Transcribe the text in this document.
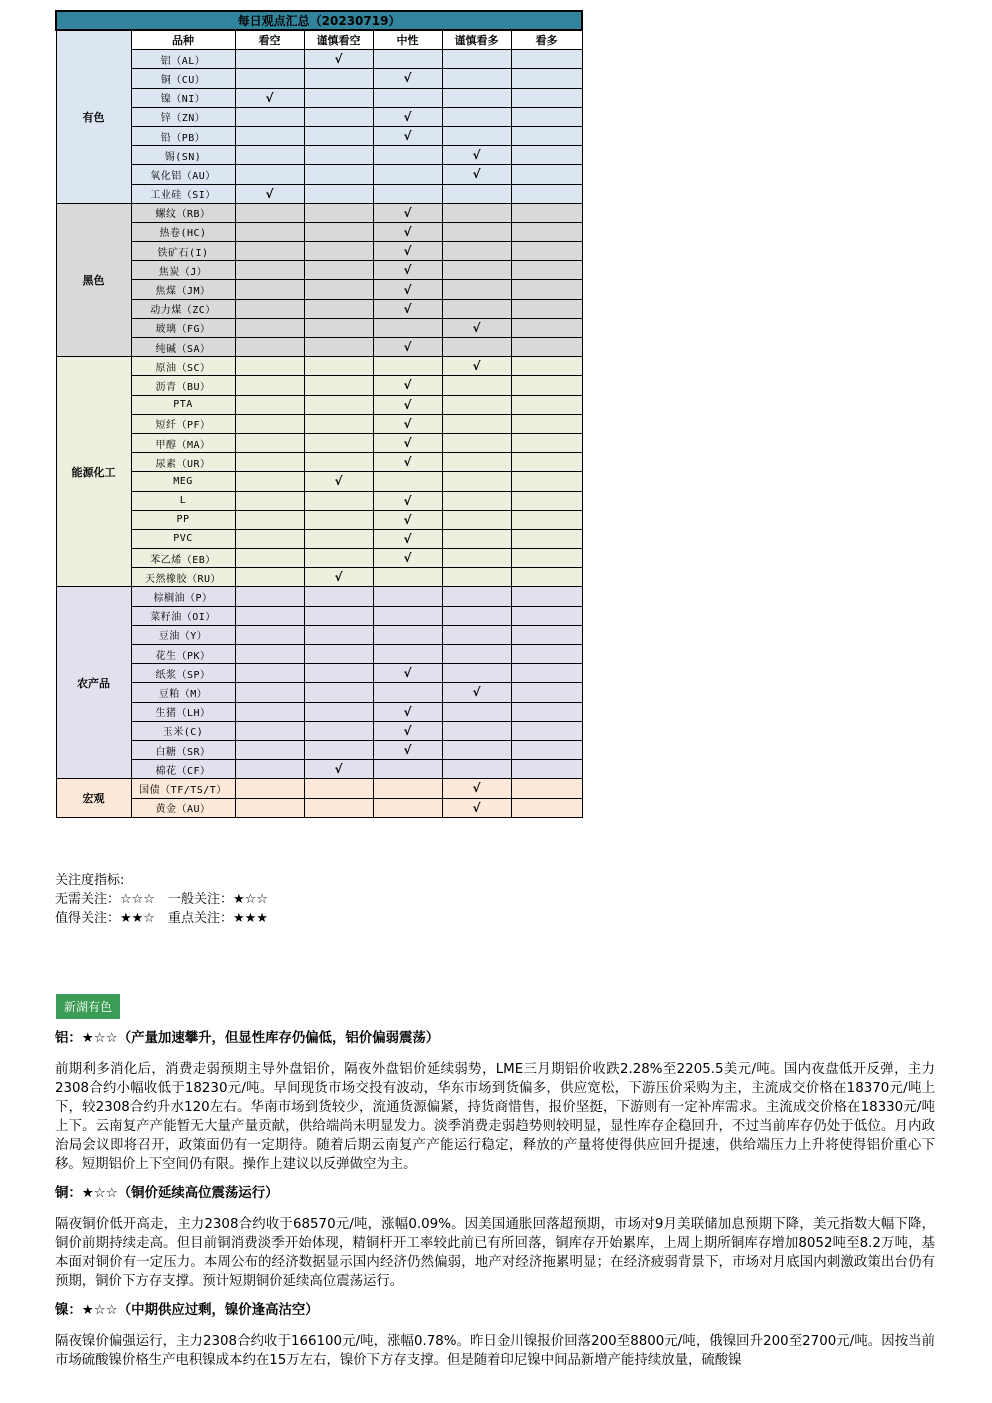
每日观点汇总（20230719）						
有色	品种	看空	谨慎看空	中性	谨慎看多	看多
	铝（AL）		√			
	铜（CU）			√		
	镍（NI）	√				
	锌（ZN）			√		
	铅（PB）			√		
	锡(SN)				√	
	氧化铝（AU）				√	
	工业硅（SI）	√				
黑色	螺纹（RB）			√		
	热卷(HC)			√		
	铁矿石(I)			√		
	焦炭（J）			√		
	焦煤（JM）			√		
	动力煤（ZC）			√		
	玻璃（FG）				√	
	纯碱（SA）			√		
能源化工	原油（SC）				√	
	沥青（BU）			√		
	PTA			√		
	短纤（PF）			√		
	甲醇（MA）			√		
	尿素（UR）			√		
	MEG		√			
	L			√		
	PP			√		
	PVC			√		
	苯乙烯（EB）			√		
	天然橡胶（RU）		√			
农产品	棕榈油（P）					
	菜籽油（OI）					
	豆油（Y）					
	花生（PK）					
	纸浆（SP）			√		
	豆粕（M）				√	
	生猪（LH）			√		
	玉米(C)			√		
	白糖（SR）			√		
	棉花（CF）		√			
宏观	国债（TF/TS/T）				√	
	黄金（AU）				√	
关注度指标:
无需关注：☆☆☆　一般关注：★☆☆
值得关注：★★☆　重点关注：★★★
新湖有色
铝：★☆☆（产量加速攀升，但显性库存仍偏低，铝价偏弱震荡）
前期利多消化后，消费走弱预期主导外盘铝价，隔夜外盘铝价延续弱势，LME三月期铝价收跌2.28%至2205.5美元/吨。国内夜盘低开反弹，主力2308合约小幅收低于18230元/吨。早间现货市场交投有波动，华东市场到货偏多，供应宽松，下游压价采购为主，主流成交价格在18370元/吨上下，较2308合约升水120左右。华南市场到货较少，流通货源偏紧，持货商惜售，报价坚挺，下游则有一定补库需求。主流成交价格在18330元/吨上下。云南复产产能暂无大量产量贡献，供给端尚未明显发力。淡季消费走弱趋势则较明显，显性库存企稳回升，不过当前库存仍处于低位。月内政治局会议即将召开，政策面仍有一定期待。随着后期云南复产产能运行稳定，释放的产量将使得供应回升提速，供给端压力上升将使得铝价重心下移。短期铝价上下空间仍有限。操作上建议以反弹做空为主。
铜：★☆☆（铜价延续高位震荡运行）
隔夜铜价低开高走，主力2308合约收于68570元/吨，涨幅0.09%。因美国通胀回落超预期，市场对9月美联储加息预期下降，美元指数大幅下降，铜价前期持续走高。但目前铜消费淡季开始体现，精铜杆开工率较此前已有所回落，铜库存开始累库，上周上期所铜库存增加8052吨至8.2万吨，基本面对铜价有一定压力。本周公布的经济数据显示国内经济仍然偏弱，地产对经济拖累明显；在经济疲弱背景下，市场对月底国内刺激政策出台仍有预期，铜价下方存支撑。预计短期铜价延续高位震荡运行。
镍：★☆☆（中期供应过剩，镍价逢高沽空）
隔夜镍价偏强运行，主力2308合约收于166100元/吨，涨幅0.78%。昨日金川镍报价回落200至8800元/吨，俄镍回升200至2700元/吨。因按当前市场硫酸镍价格生产电积镍成本约在15万左右，镍价下方存支撑。但是随着印尼镍中间品新增产能持续放量，硫酸镍
